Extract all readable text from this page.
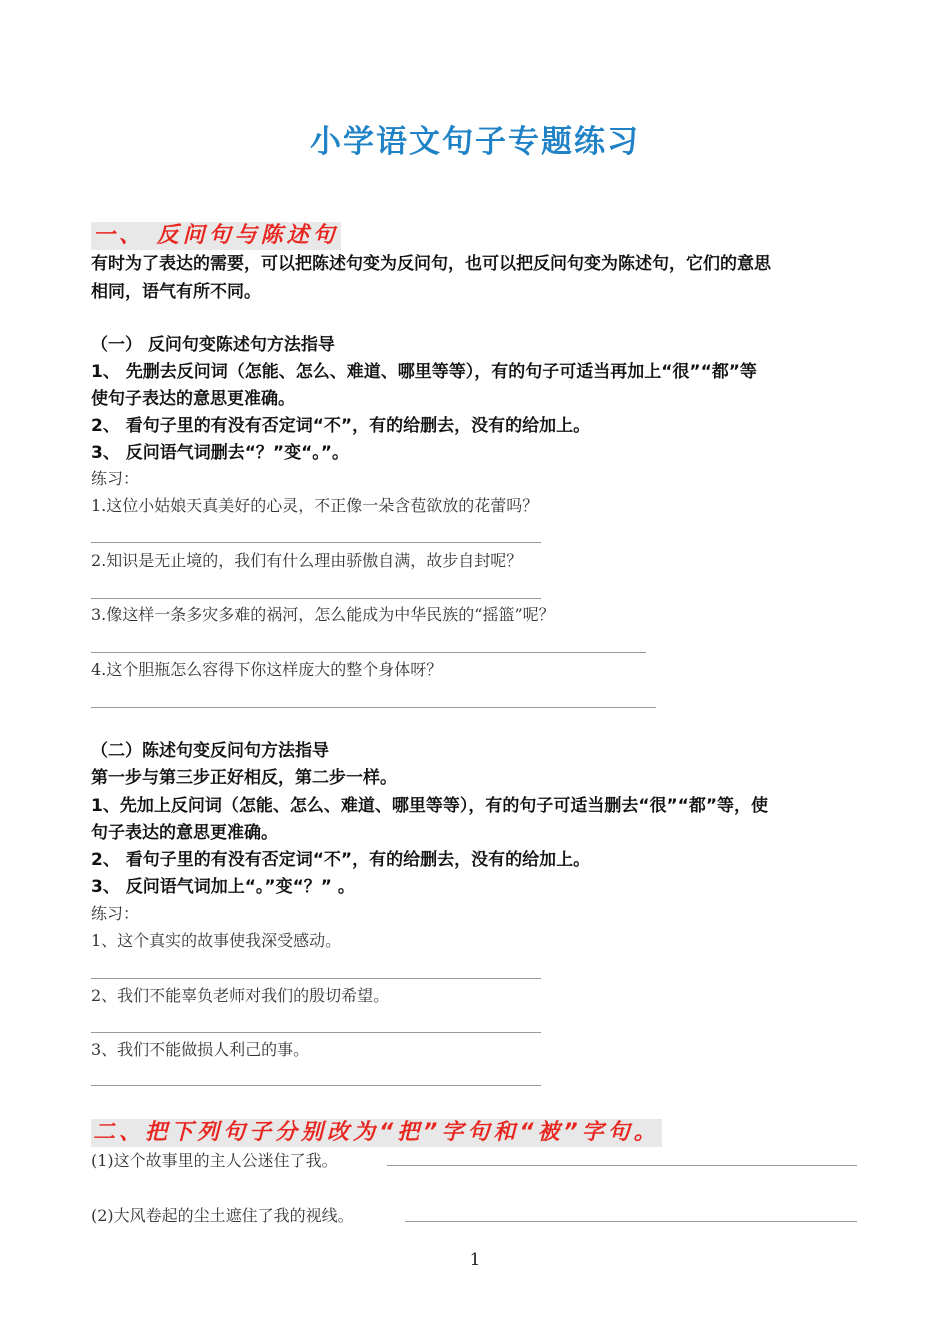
小学语文句子专题练习
一、 反问句与陈述句
有时为了表达的需要，可以把陈述句变为反问句，也可以把反问句变为陈述句，它们的意思
相同，语气有所不同。
（一） 反问句变陈述句方法指导
1、 先删去反问词（怎能、怎么、难道、哪里等等），有的句子可适当再加上“很”“都”等
使句子表达的意思更准确。
2、 看句子里的有没有否定词“不”，有的给删去，没有的给加上。
3、 反问语气词删去“？”变“。”。
练习：
1.这位小姑娘天真美好的心灵，不正像一朵含苞欲放的花蕾吗？
2.知识是无止境的，我们有什么理由骄傲自满，故步自封呢？
3.像这样一条多灾多难的祸河，怎么能成为中华民族的“摇篮”呢？
4.这个胆瓶怎么容得下你这样庞大的整个身体呀？
（二）陈述句变反问句方法指导
第一步与第三步正好相反，第二步一样。
1、先加上反问词（怎能、怎么、难道、哪里等等），有的句子可适当删去“很”“都”等，使
句子表达的意思更准确。
2、 看句子里的有没有否定词“不”，有的给删去，没有的给加上。
3、 反问语气词加上“。”变“？” 。
练习：
1、这个真实的故事使我深受感动。
2、我们不能辜负老师对我们的殷切希望。
3、我们不能做损人利己的事。
二、把下列句子分别改为“把”字句和“被”字句。
(1)这个故事里的主人公迷住了我。
(2)大风卷起的尘土遮住了我的视线。
1
